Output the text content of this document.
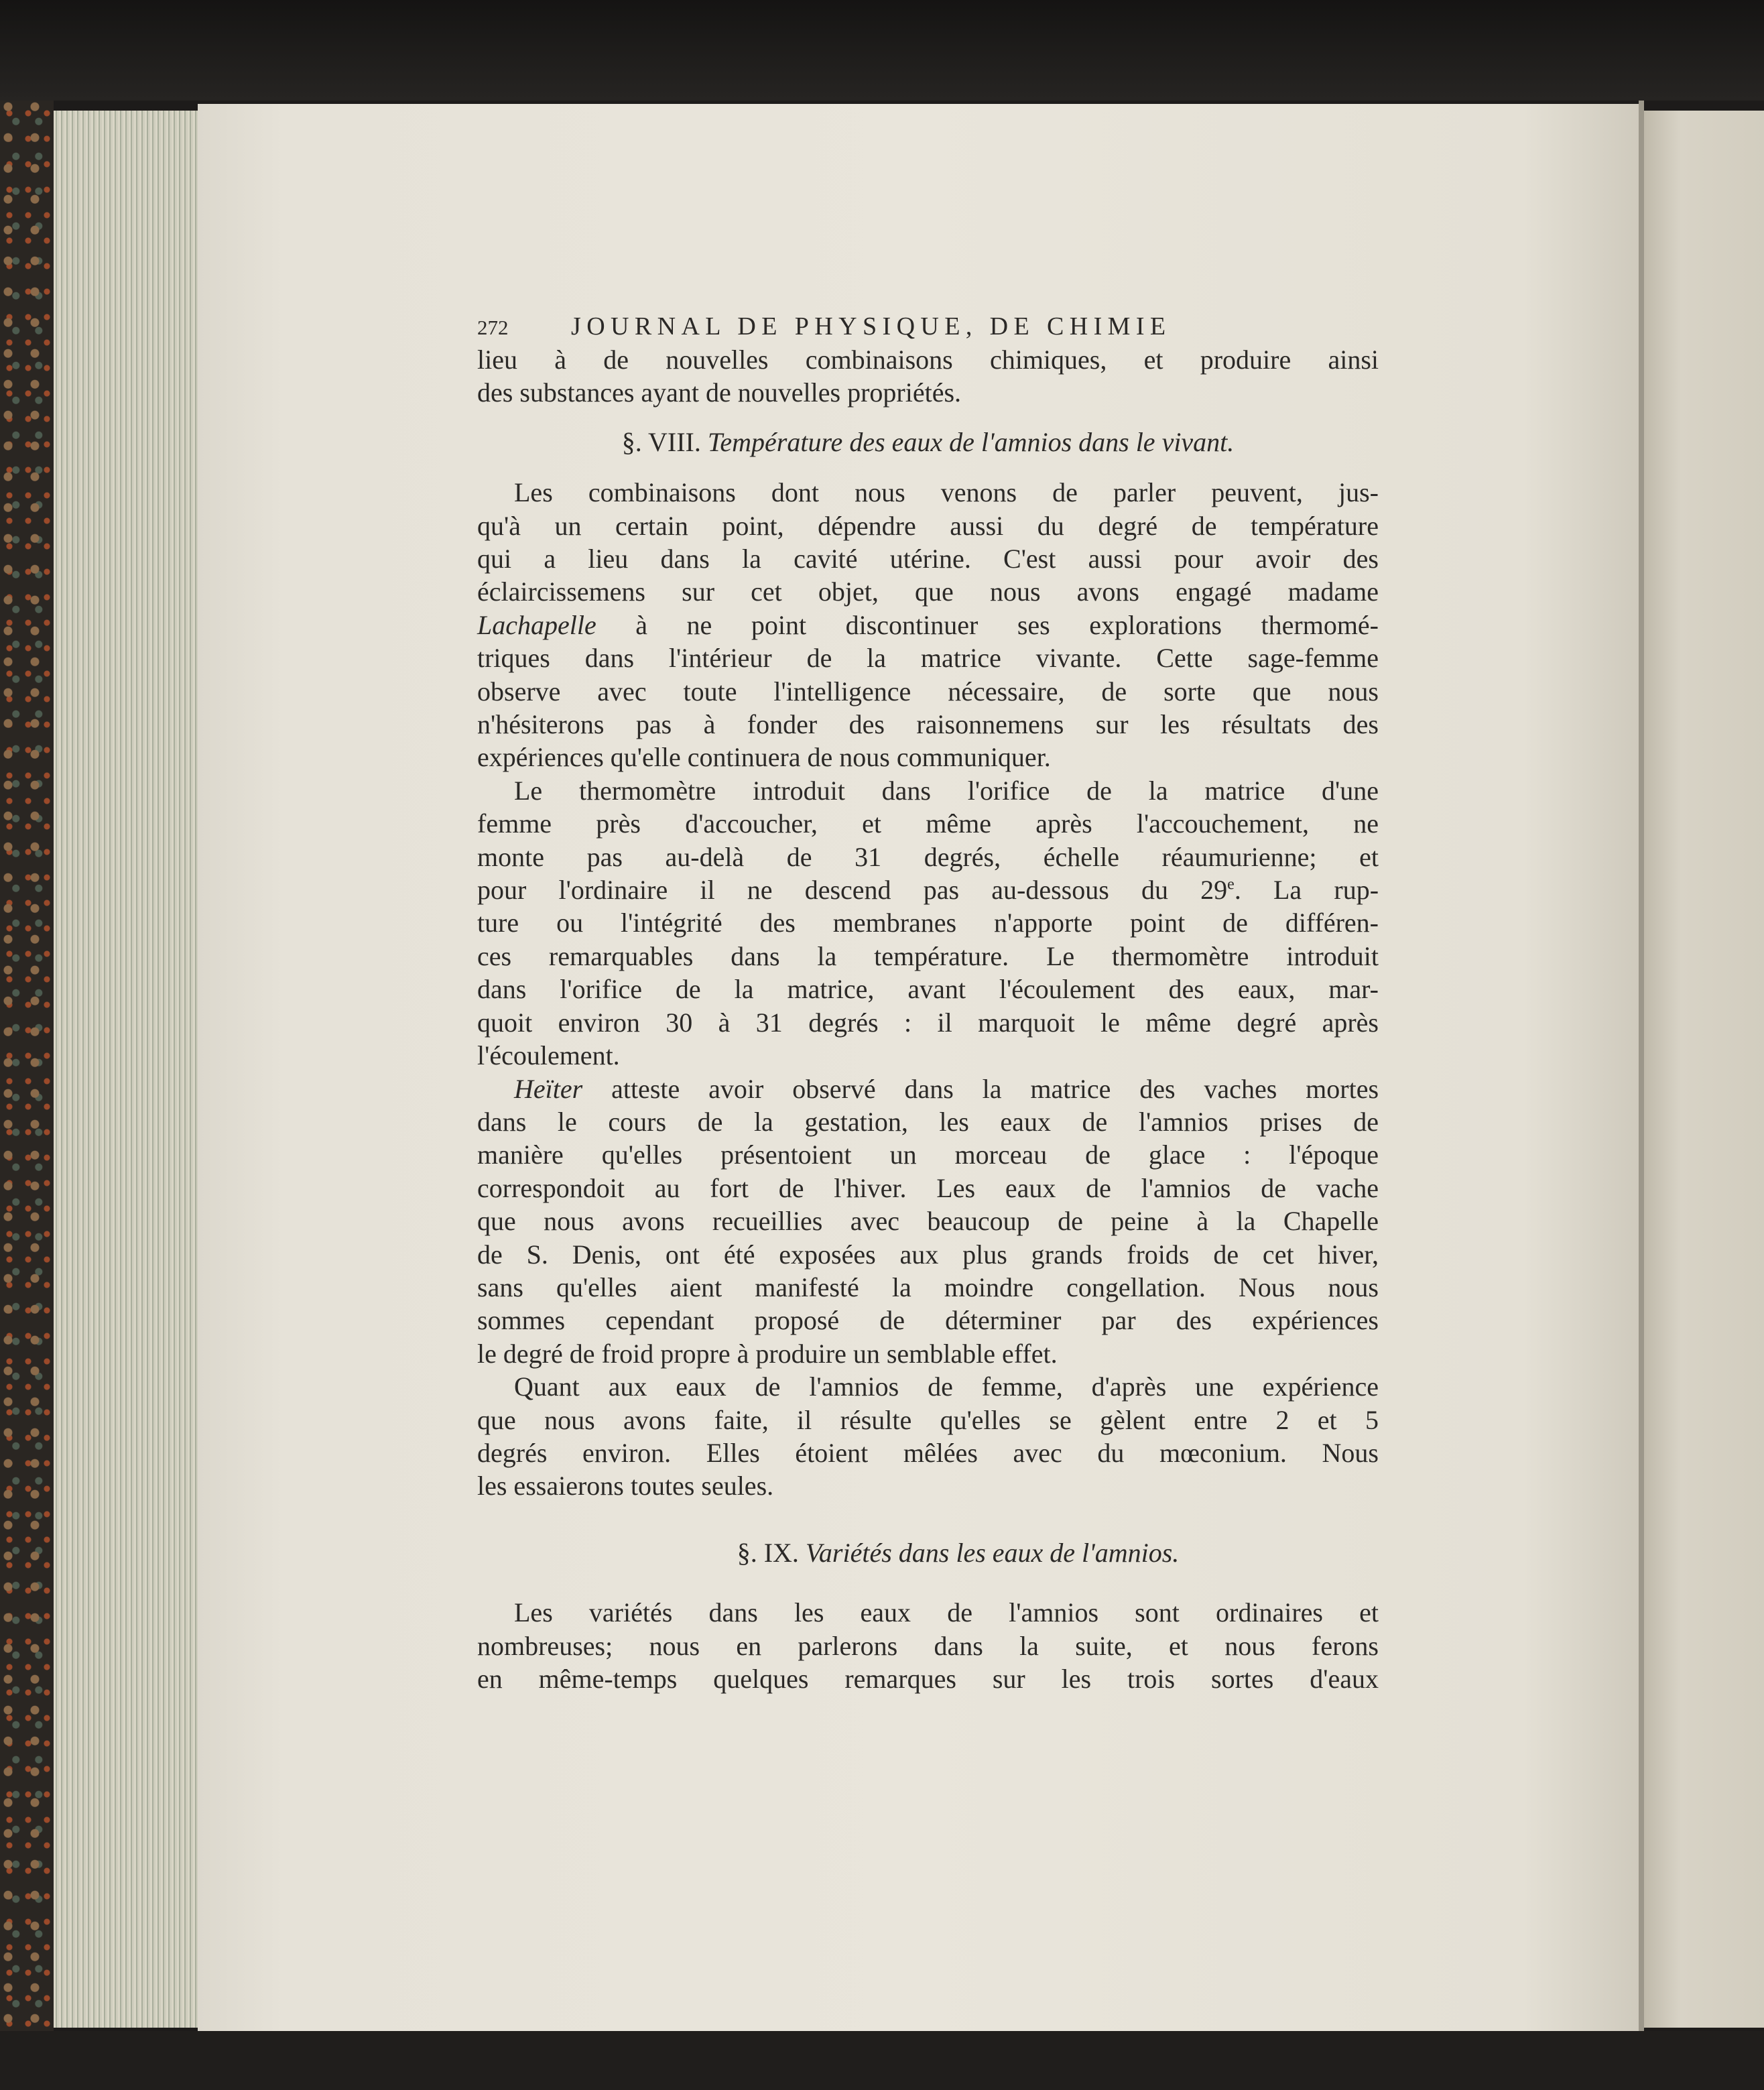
272	JOURNAL DE PHYSIQUE, DE CHIMIE
lieu à de nouvelles combinaisons chimiques, et produire ainsi
des substances ayant de nouvelles propriétés.
§. VIII. Température des eaux de l'amnios dans le vivant.
Les combinaisons dont nous venons de parler peuvent, jus-
qu'à un certain point, dépendre aussi du degré de température
qui a lieu dans la cavité utérine. C'est aussi pour avoir des
éclaircissemens sur cet objet, que nous avons engagé madame
Lachapelle à ne point discontinuer ses explorations thermomé-
triques dans l'intérieur de la matrice vivante. Cette sage-femme
observe avec toute l'intelligence nécessaire, de sorte que nous
n'hésiterons pas à fonder des raisonnemens sur les résultats des
expériences qu'elle continuera de nous communiquer.
Le thermomètre introduit dans l'orifice de la matrice d'une
femme près d'accoucher, et même après l'accouchement, ne
monte pas au-delà de 31 degrés, échelle réaumurienne; et
pour l'ordinaire il ne descend pas au-dessous du 29e. La rup-
ture ou l'intégrité des membranes n'apporte point de différen-
ces remarquables dans la température. Le thermomètre introduit
dans l'orifice de la matrice, avant l'écoulement des eaux, mar-
quoit environ 30 à 31 degrés : il marquoit le même degré après
l'écoulement.
Heïter atteste avoir observé dans la matrice des vaches mortes
dans le cours de la gestation, les eaux de l'amnios prises de
manière qu'elles présentoient un morceau de glace : l'époque
correspondoit au fort de l'hiver. Les eaux de l'amnios de vache
que nous avons recueillies avec beaucoup de peine à la Chapelle
de S. Denis, ont été exposées aux plus grands froids de cet hiver,
sans qu'elles aient manifesté la moindre congellation. Nous nous
sommes cependant proposé de déterminer par des expériences
le degré de froid propre à produire un semblable effet.
Quant aux eaux de l'amnios de femme, d'après une expérience
que nous avons faite, il résulte qu'elles se gèlent entre 2 et 5
degrés environ. Elles étoient mêlées avec du mœconium. Nous
les essaierons toutes seules.
§. IX. Variétés dans les eaux de l'amnios.
Les variétés dans les eaux de l'amnios sont ordinaires et
nombreuses; nous en parlerons dans la suite, et nous ferons
en même-temps quelques remarques sur les trois sortes d'eaux
